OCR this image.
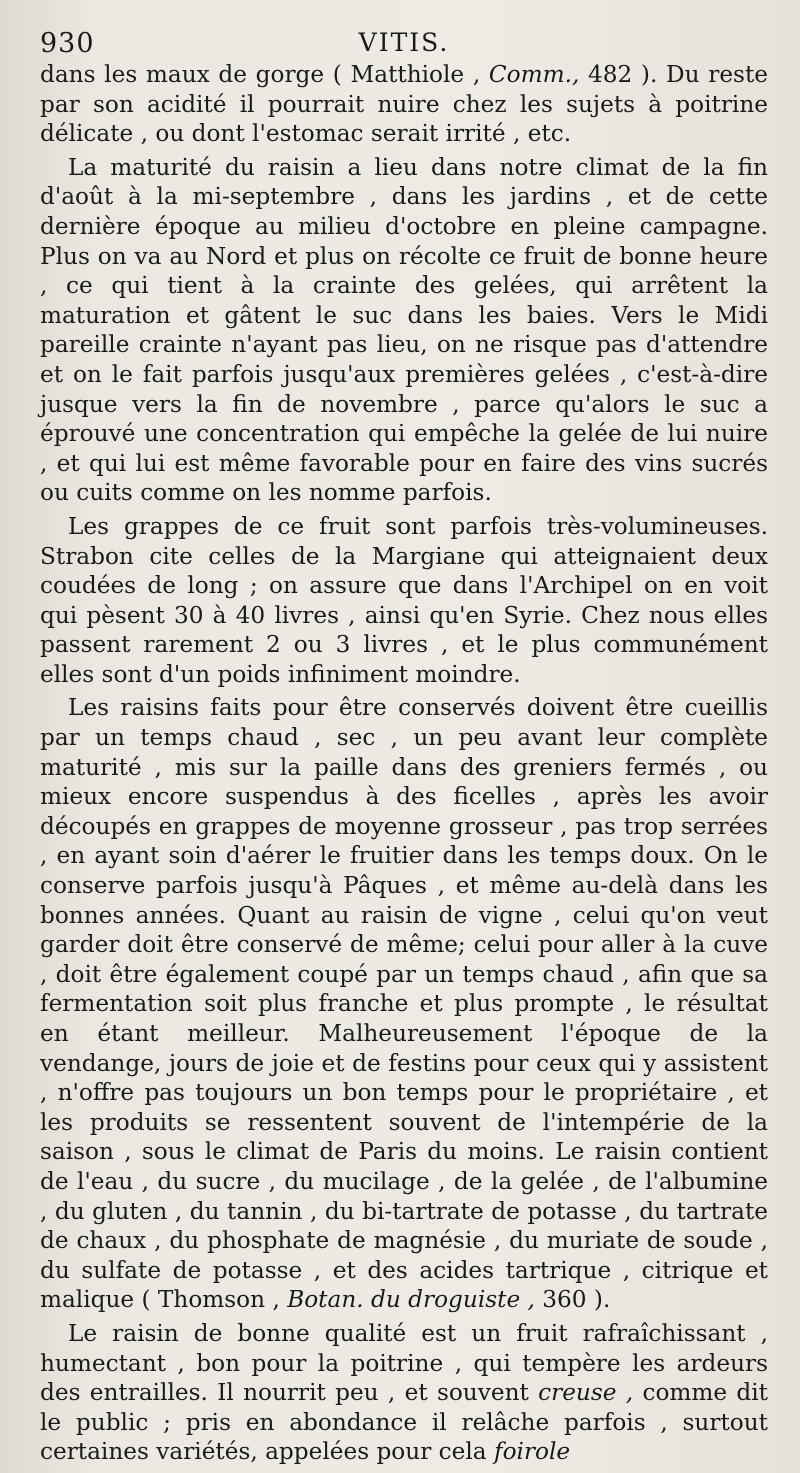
930	VITIS.

dans les maux de gorge ( Matthiole , Comm., 482 ). Du reste par son acidité il pourrait nuire chez les sujets à poitrine délicate , ou dont l'estomac serait irrité , etc.

La maturité du raisin a lieu dans notre climat de la fin d'août à la mi-septembre , dans les jardins , et de cette dernière époque au milieu d'octobre en pleine campagne. Plus on va au Nord et plus on récolte ce fruit de bonne heure , ce qui tient à la crainte des gelées, qui arrêtent la maturation et gâtent le suc dans les baies. Vers le Midi pareille crainte n'ayant pas lieu, on ne risque pas d'attendre et on le fait parfois jusqu'aux premières gelées , c'est-à-dire jusque vers la fin de novembre , parce qu'alors le suc a éprouvé une concentration qui empêche la gelée de lui nuire , et qui lui est même favorable pour en faire des vins sucrés ou cuits comme on les nomme parfois.

Les grappes de ce fruit sont parfois très-volumineuses. Strabon cite celles de la Margiane qui atteignaient deux coudées de long ; on assure que dans l'Archipel on en voit qui pèsent 30 à 40 livres , ainsi qu'en Syrie. Chez nous elles passent rarement 2 ou 3 livres , et le plus communément elles sont d'un poids infiniment moindre.

Les raisins faits pour être conservés doivent être cueillis par un temps chaud , sec , un peu avant leur complète maturité , mis sur la paille dans des greniers fermés , ou mieux encore suspendus à des ficelles , après les avoir découpés en grappes de moyenne grosseur , pas trop serrées , en ayant soin d'aérer le fruitier dans les temps doux. On le conserve parfois jusqu'à Pâques , et même au-delà dans les bonnes années. Quant au raisin de vigne , celui qu'on veut garder doit être conservé de même; celui pour aller à la cuve , doit être également coupé par un temps chaud , afin que sa fermentation soit plus franche et plus prompte , le résultat en étant meilleur. Malheureusement l'époque de la vendange, jours de joie et de festins pour ceux qui y assistent , n'offre pas toujours un bon temps pour le propriétaire , et les produits se ressentent souvent de l'intempérie de la saison , sous le climat de Paris du moins. Le raisin contient de l'eau , du sucre , du mucilage , de la gelée , de l'albumine , du gluten , du tannin , du bi-tartrate de potasse , du tartrate de chaux , du phosphate de magnésie , du muriate de soude , du sulfate de potasse , et des acides tartrique , citrique et malique ( Thomson , Botan. du droguiste , 360 ).

Le raisin de bonne qualité est un fruit rafraîchissant , humectant , bon pour la poitrine , qui tempère les ardeurs des entrailles. Il nourrit peu , et souvent creuse , comme dit le public ; pris en abondance il relâche parfois , surtout certaines variétés, appelées pour cela foirole
